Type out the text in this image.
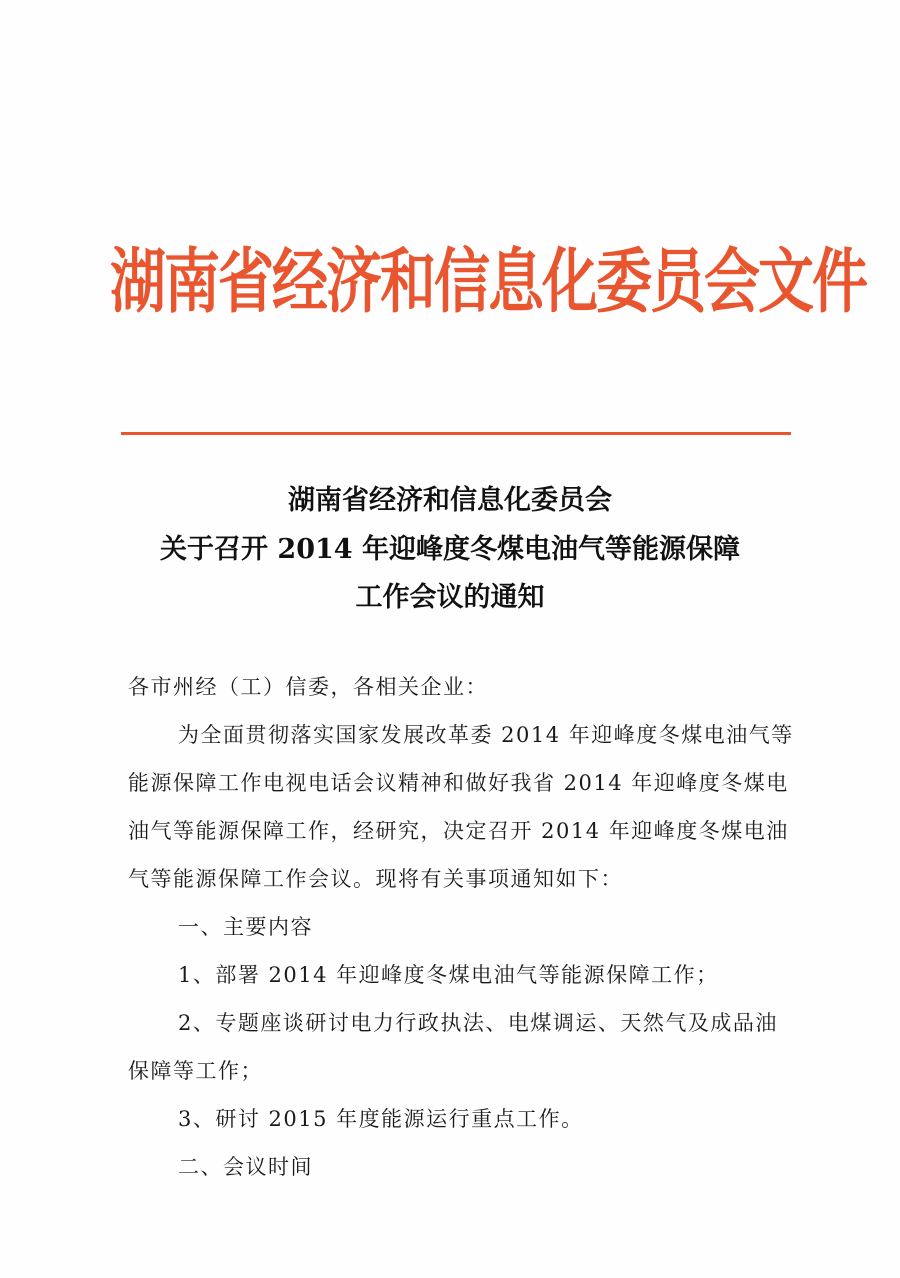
湖南省经济和信息化委员会文件
湖南省经济和信息化委员会
关于召开 2014 年迎峰度冬煤电油气等能源保障
工作会议的通知
各市州经（工）信委，各相关企业：
为全面贯彻落实国家发展改革委 2014 年迎峰度冬煤电油气等
能源保障工作电视电话会议精神和做好我省 2014 年迎峰度冬煤电
油气等能源保障工作，经研究，决定召开 2014 年迎峰度冬煤电油
气等能源保障工作会议。现将有关事项通知如下：
一、主要内容
1、部署 2014 年迎峰度冬煤电油气等能源保障工作；
2、专题座谈研讨电力行政执法、电煤调运、天然气及成品油
保障等工作；
3、研讨 2015 年度能源运行重点工作。
二、会议时间
